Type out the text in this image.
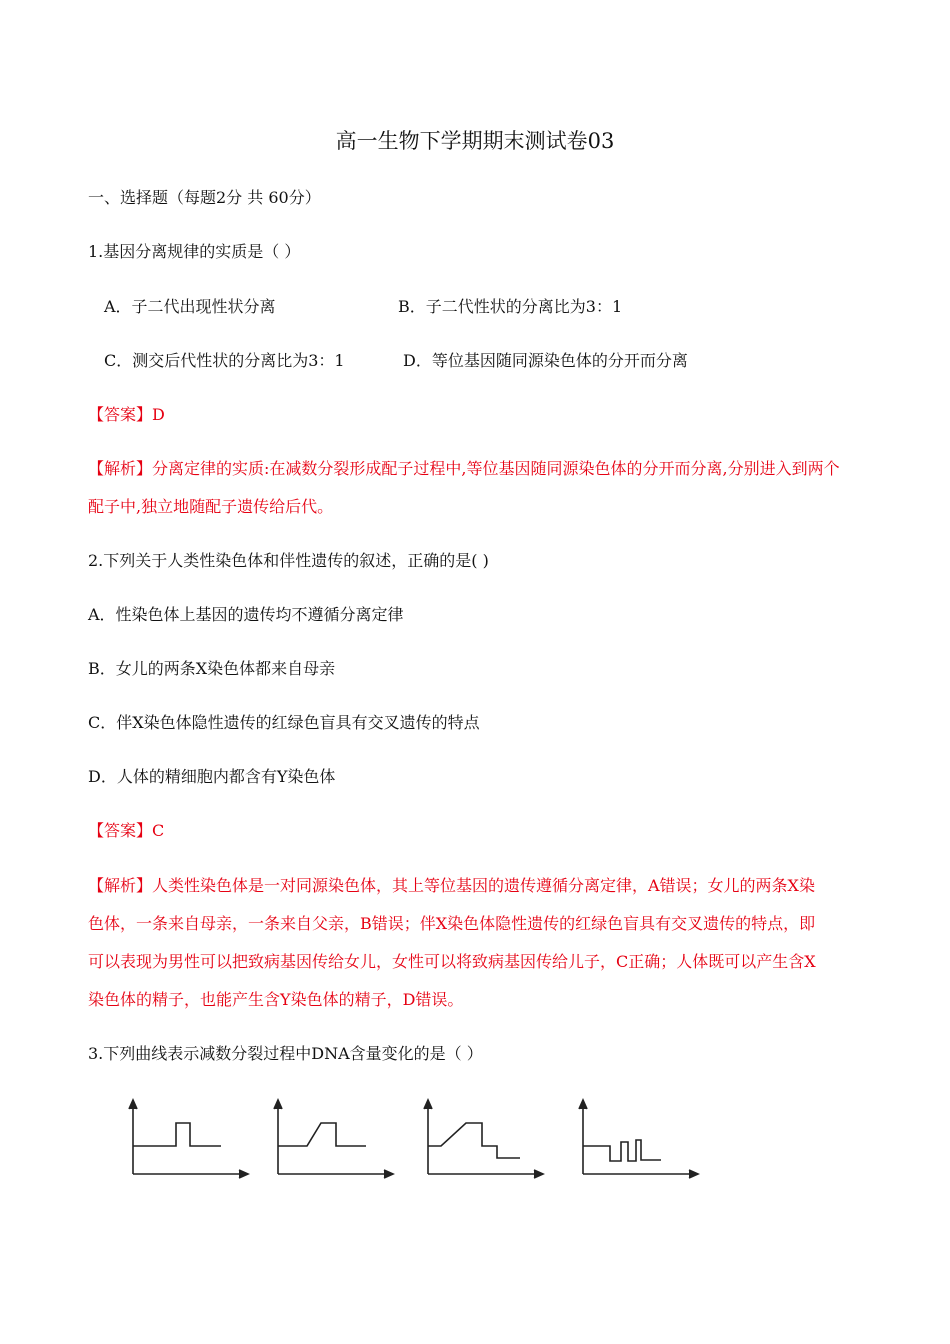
高一生物下学期期末测试卷03
一、选择题（每题2分 共 60分）
1.基因分离规律的实质是（ ）
A．子二代出现性状分离	B．子二代性状的分离比为3：1
C．测交后代性状的分离比为3：1	D．等位基因随同源染色体的分开而分离
【答案】D
【解析】分离定律的实质:在减数分裂形成配子过程中,等位基因随同源染色体的分开而分离,分别进入到两个
配子中,独立地随配子遗传给后代。
2.下列关于人类性染色体和伴性遗传的叙述，正确的是( )
A．性染色体上基因的遗传均不遵循分离定律
B．女儿的两条X染色体都来自母亲
C．伴X染色体隐性遗传的红绿色盲具有交叉遗传的特点
D．人体的精细胞内都含有Y染色体
【答案】C
【解析】人类性染色体是一对同源染色体，其上等位基因的遗传遵循分离定律，A错误；女儿的两条X染
色体，一条来自母亲，一条来自父亲，B错误；伴X染色体隐性遗传的红绿色盲具有交叉遗传的特点，即
可以表现为男性可以把致病基因传给女儿，女性可以将致病基因传给儿子，C正确；人体既可以产生含X
染色体的精子，也能产生含Y染色体的精子，D错误。
3.下列曲线表示减数分裂过程中DNA含量变化的是（ ）
